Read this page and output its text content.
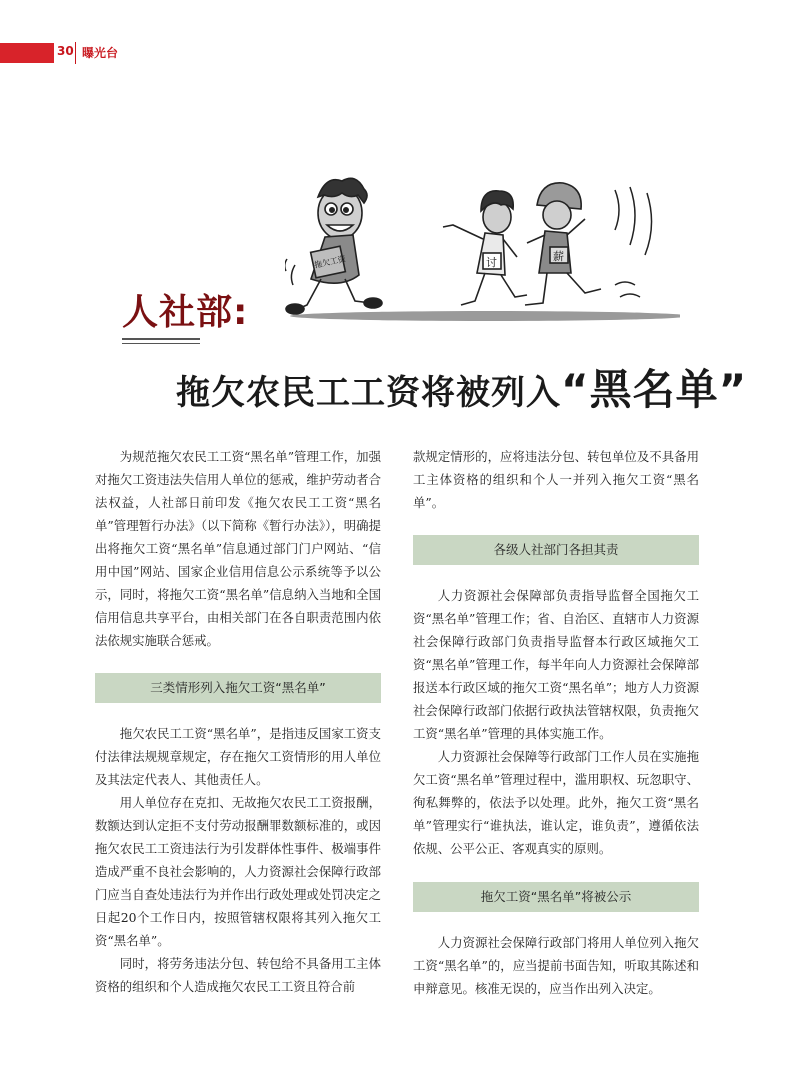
30 曝光台
拖欠工资	讨	薪
人社部:
拖欠农民工工资将被列入“黑名单”

为规范拖欠农民工工资“黑名单”管理工作，加强对拖欠工资违法失信用人单位的惩戒，维护劳动者合法权益，人社部日前印发《拖欠农民工工资“黑名单”管理暂行办法》（以下简称《暂行办法》），明确提出将拖欠工资“黑名单”信息通过部门门户网站、“信用中国”网站、国家企业信用信息公示系统等予以公示，同时，将拖欠工资“黑名单”信息纳入当地和全国信用信息共享平台，由相关部门在各自职责范围内依法依规实施联合惩戒。

三类情形列入拖欠工资“黑名单”

拖欠农民工工资“黑名单”，是指违反国家工资支付法律法规规章规定，存在拖欠工资情形的用人单位及其法定代表人、其他责任人。

用人单位存在克扣、无故拖欠农民工工资报酬，数额达到认定拒不支付劳动报酬罪数额标准的，或因拖欠农民工工资违法行为引发群体性事件、极端事件造成严重不良社会影响的，人力资源社会保障行政部门应当自查处违法行为并作出行政处理或处罚决定之日起20个工作日内，按照管辖权限将其列入拖欠工资“黑名单”。

同时，将劳务违法分包、转包给不具备用工主体资格的组织和个人造成拖欠农民工工资且符合前

款规定情形的，应将违法分包、转包单位及不具备用工主体资格的组织和个人一并列入拖欠工资“黑名单”。

各级人社部门各担其责

人力资源社会保障部负责指导监督全国拖欠工资“黑名单”管理工作；省、自治区、直辖市人力资源社会保障行政部门负责指导监督本行政区域拖欠工资“黑名单”管理工作，每半年向人力资源社会保障部报送本行政区域的拖欠工资“黑名单”；地方人力资源社会保障行政部门依据行政执法管辖权限，负责拖欠工资“黑名单”管理的具体实施工作。

人力资源社会保障等行政部门工作人员在实施拖欠工资“黑名单”管理过程中，滥用职权、玩忽职守、徇私舞弊的，依法予以处理。此外，拖欠工资“黑名单”管理实行“谁执法，谁认定，谁负责”，遵循依法依规、公平公正、客观真实的原则。

拖欠工资“黑名单”将被公示

人力资源社会保障行政部门将用人单位列入拖欠工资“黑名单”的，应当提前书面告知，听取其陈述和申辩意见。核准无误的，应当作出列入决定。
